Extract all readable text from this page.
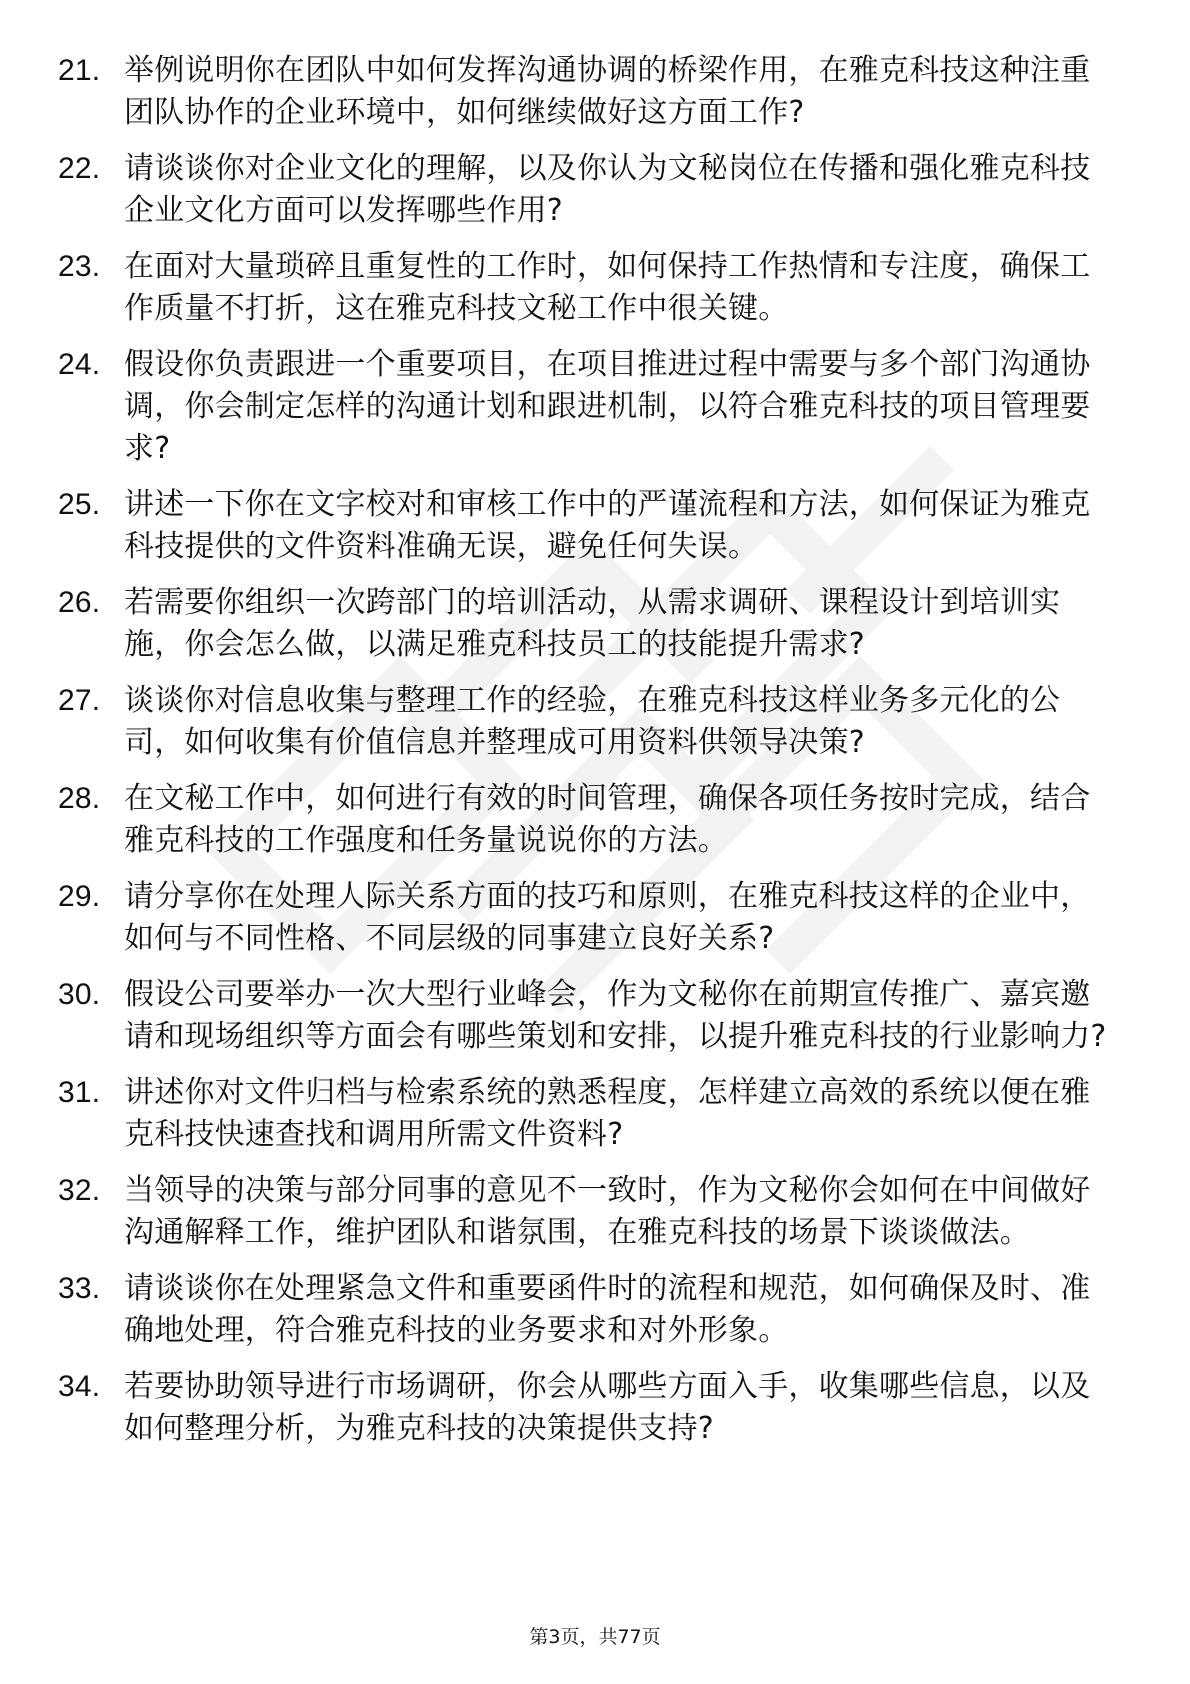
21. 举例说明你在团队中如何发挥沟通协调的桥梁作用，在雅克科技这种注重团队协作的企业环境中，如何继续做好这方面工作?
22. 请谈谈你对企业文化的理解，以及你认为文秘岗位在传播和强化雅克科技企业文化方面可以发挥哪些作用?
23. 在面对大量琐碎且重复性的工作时，如何保持工作热情和专注度，确保工作质量不打折，这在雅克科技文秘工作中很关键。
24. 假设你负责跟进一个重要项目，在项目推进过程中需要与多个部门沟通协调，你会制定怎样的沟通计划和跟进机制，以符合雅克科技的项目管理要求?
25. 讲述一下你在文字校对和审核工作中的严谨流程和方法，如何保证为雅克科技提供的文件资料准确无误，避免任何失误。
26. 若需要你组织一次跨部门的培训活动，从需求调研、课程设计到培训实施，你会怎么做，以满足雅克科技员工的技能提升需求?
27. 谈谈你对信息收集与整理工作的经验，在雅克科技这样业务多元化的公司，如何收集有价值信息并整理成可用资料供领导决策?
28. 在文秘工作中，如何进行有效的时间管理，确保各项任务按时完成，结合雅克科技的工作强度和任务量说说你的方法。
29. 请分享你在处理人际关系方面的技巧和原则，在雅克科技这样的企业中，如何与不同性格、不同层级的同事建立良好关系?
30. 假设公司要举办一次大型行业峰会，作为文秘你在前期宣传推广、嘉宾邀请和现场组织等方面会有哪些策划和安排，以提升雅克科技的行业影响力?
31. 讲述你对文件归档与检索系统的熟悉程度，怎样建立高效的系统以便在雅克科技快速查找和调用所需文件资料?
32. 当领导的决策与部分同事的意见不一致时，作为文秘你会如何在中间做好沟通解释工作，维护团队和谐氛围，在雅克科技的场景下谈谈做法。
33. 请谈谈你在处理紧急文件和重要函件时的流程和规范，如何确保及时、准确地处理，符合雅克科技的业务要求和对外形象。
34. 若要协助领导进行市场调研，你会从哪些方面入手，收集哪些信息，以及如何整理分析，为雅克科技的决策提供支持?
第3页，共77页
